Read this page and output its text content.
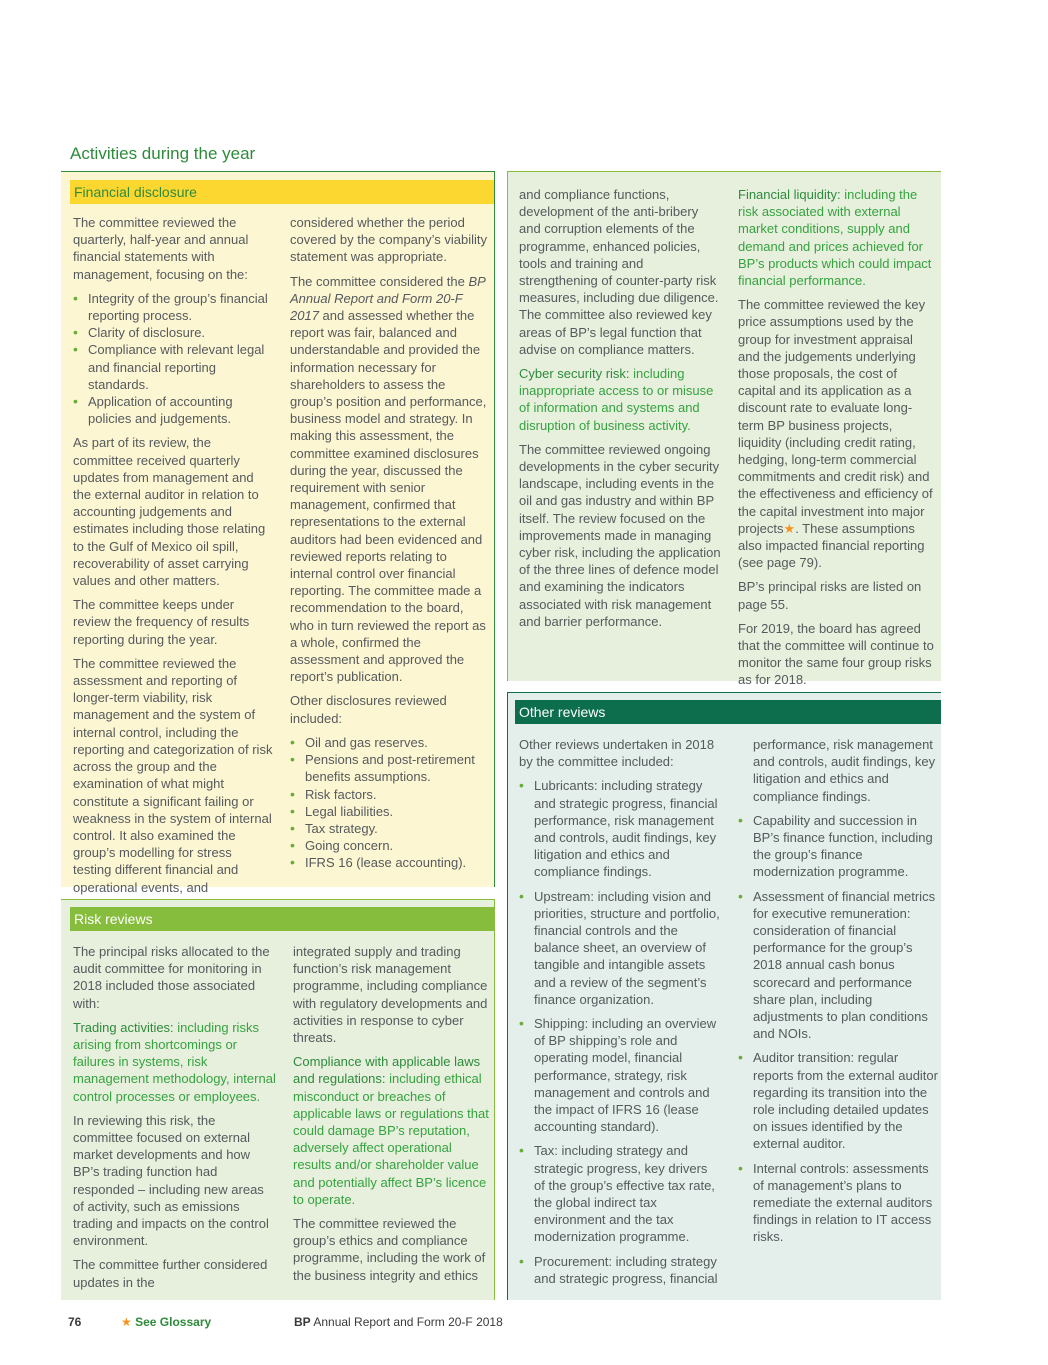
Activities during the year
Financial disclosure

The committee reviewed the quarterly, half-year and annual financial statements with management, focusing on the:

• Integrity of the group’s financial reporting process.
• Clarity of disclosure.
• Compliance with relevant legal and financial reporting standards.
• Application of accounting policies and judgements.

As part of its review, the committee received quarterly updates from management and the external auditor in relation to accounting judgements and estimates including those relating to the Gulf of Mexico oil spill, recoverability of asset carrying values and other matters.

The committee keeps under review the frequency of results reporting during the year.

The committee reviewed the assessment and reporting of longer-term viability, risk management and the system of internal control, including the reporting and categorization of risk across the group and the examination of what might constitute a significant failing or weakness in the system of internal control. It also examined the group’s modelling for stress testing different financial and operational events, and

considered whether the period covered by the company’s viability statement was appropriate.

The committee considered the BP Annual Report and Form 20-F 2017 and assessed whether the report was fair, balanced and understandable and provided the information necessary for shareholders to assess the group’s position and performance, business model and strategy. In making this assessment, the committee examined disclosures during the year, discussed the requirement with senior management, confirmed that representations to the external auditors had been evidenced and reviewed reports relating to internal control over financial reporting. The committee made a recommendation to the board, who in turn reviewed the report as a whole, confirmed the assessment and approved the report’s publication.

Other disclosures reviewed included:

• Oil and gas reserves.
• Pensions and post-retirement benefits assumptions.
• Risk factors.
• Legal liabilities.
• Tax strategy.
• Going concern.
• IFRS 16 (lease accounting).
Risk reviews

The principal risks allocated to the audit committee for monitoring in 2018 included those associated with:

Trading activities: including risks arising from shortcomings or failures in systems, risk management methodology, internal control processes or employees.

In reviewing this risk, the committee focused on external market developments and how BP’s trading function had responded – including new areas of activity, such as emissions trading and impacts on the control environment.

The committee further considered updates in the

integrated supply and trading function’s risk management programme, including compliance with regulatory developments and activities in response to cyber threats.

Compliance with applicable laws and regulations: including ethical misconduct or breaches of applicable laws or regulations that could damage BP’s reputation, adversely affect operational results and/or shareholder value and potentially affect BP’s licence to operate.

The committee reviewed the group’s ethics and compliance programme, including the work of the business integrity and ethics

and compliance functions, development of the anti-bribery and corruption elements of the programme, enhanced policies, tools and training and strengthening of counter-party risk measures, including due diligence. The committee also reviewed key areas of BP’s legal function that advise on compliance matters.

Cyber security risk: including inappropriate access to or misuse of information and systems and disruption of business activity.

The committee reviewed ongoing developments in the cyber security landscape, including events in the oil and gas industry and within BP itself. The review focused on the improvements made in managing cyber risk, including the application of the three lines of defence model and examining the indicators associated with risk management and barrier performance.

Financial liquidity: including the risk associated with external market conditions, supply and demand and prices achieved for BP’s products which could impact financial performance.

The committee reviewed the key price assumptions used by the group for investment appraisal and the judgements underlying those proposals, the cost of capital and its application as a discount rate to evaluate long-term BP business projects, liquidity (including credit rating, hedging, long-term commercial commitments and credit risk) and the effectiveness and efficiency of the capital investment into major projects★. These assumptions also impacted financial reporting (see page 79).

BP’s principal risks are listed on page 55.

For 2019, the board has agreed that the committee will continue to monitor the same four group risks as for 2018.

Other reviews

Other reviews undertaken in 2018 by the committee included:

• Lubricants: including strategy and strategic progress, financial performance, risk management and controls, audit findings, key litigation and ethics and compliance findings.
• Upstream: including vision and priorities, structure and portfolio, financial controls and the balance sheet, an overview of tangible and intangible assets and a review of the segment’s finance organization.
• Shipping: including an overview of BP shipping’s role and operating model, financial performance, strategy, risk management and controls and the impact of IFRS 16 (lease accounting standard).
• Tax: including strategy and strategic progress, key drivers of the group’s effective tax rate, the global indirect tax environment and the tax modernization programme.
• Procurement: including strategy and strategic progress, financial

performance, risk management and controls, audit findings, key litigation and ethics and compliance findings.

• Capability and succession in BP’s finance function, including the group’s finance modernization programme.
• Assessment of financial metrics for executive remuneration: consideration of financial performance for the group’s 2018 annual cash bonus scorecard and performance share plan, including adjustments to plan conditions and NOIs.
• Auditor transition: regular reports from the external auditor regarding its transition into the role including detailed updates on issues identified by the external auditor.
• Internal controls: assessments of management’s plans to remediate the external auditors findings in relation to IT access risks.
76	★ See Glossary	BP Annual Report and Form 20-F 2018
